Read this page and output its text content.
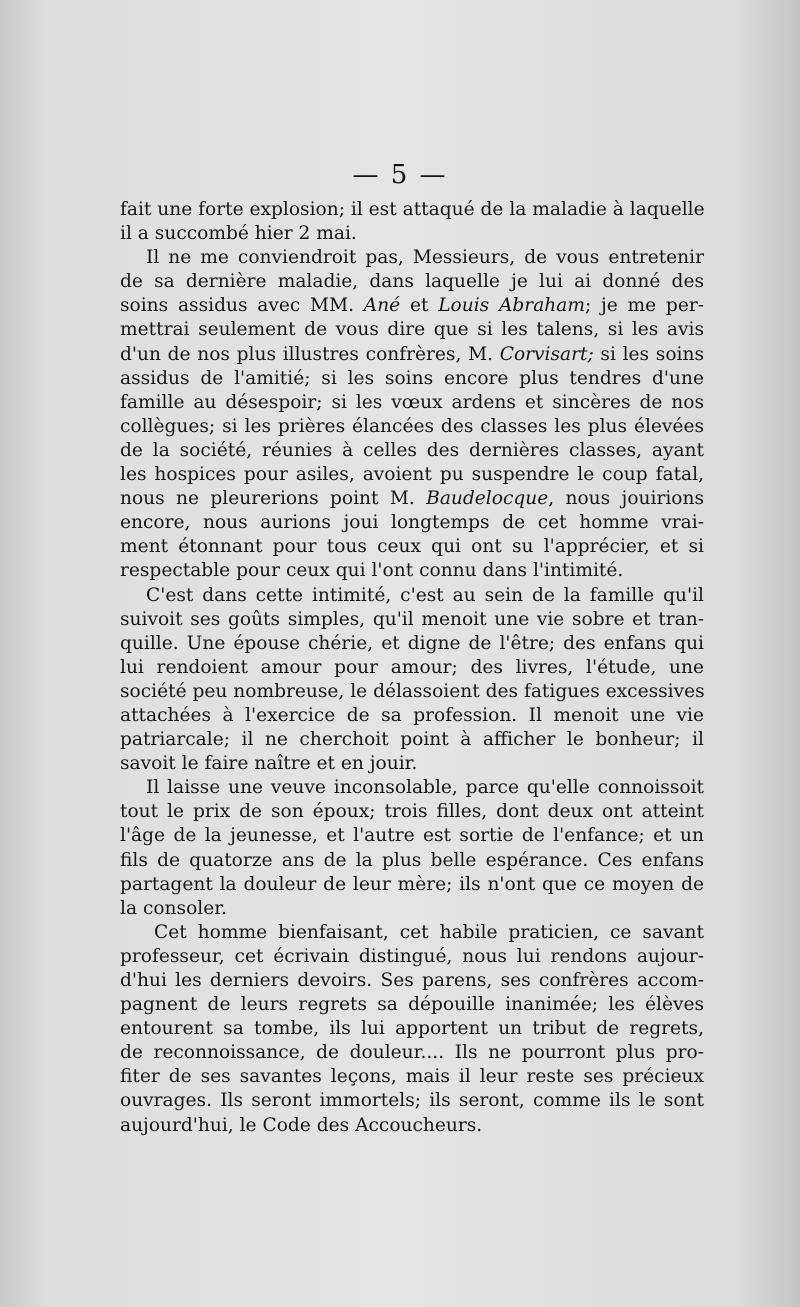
— 5 —

fait une forte explosion; il est attaqué de la maladie à laquelle
il a succombé hier 2 mai.

Il ne me conviendroit pas, Messieurs, de vous entretenir
de sa dernière maladie, dans laquelle je lui ai donné des
soins assidus avec MM. Ané et Louis Abraham; je me per-
mettrai seulement de vous dire que si les talens, si les avis
d'un de nos plus illustres confrères, M. Corvisart; si les soins
assidus de l'amitié; si les soins encore plus tendres d'une
famille au désespoir; si les vœux ardens et sincères de nos
collègues; si les prières élancées des classes les plus élevées
de la société, réunies à celles des dernières classes, ayant
les hospices pour asiles, avoient pu suspendre le coup fatal,
nous ne pleurerions point M. Baudelocque, nous jouirions
encore, nous aurions joui longtemps de cet homme vrai-
ment étonnant pour tous ceux qui ont su l'apprécier, et si
respectable pour ceux qui l'ont connu dans l'intimité.

C'est dans cette intimité, c'est au sein de la famille qu'il
suivoit ses goûts simples, qu'il menoit une vie sobre et tran-
quille. Une épouse chérie, et digne de l'être; des enfans qui
lui rendoient amour pour amour; des livres, l'étude, une
société peu nombreuse, le délassoient des fatigues excessives
attachées à l'exercice de sa profession. Il menoit une vie
patriarcale; il ne cherchoit point à afficher le bonheur; il
savoit le faire naître et en jouir.

Il laisse une veuve inconsolable, parce qu'elle connoissoit
tout le prix de son époux; trois filles, dont deux ont atteint
l'âge de la jeunesse, et l'autre est sortie de l'enfance; et un
fils de quatorze ans de la plus belle espérance. Ces enfans
partagent la douleur de leur mère; ils n'ont que ce moyen de
la consoler.

Cet homme bienfaisant, cet habile praticien, ce savant
professeur, cet écrivain distingué, nous lui rendons aujour-
d'hui les derniers devoirs. Ses parens, ses confrères accom-
pagnent de leurs regrets sa dépouille inanimée; les élèves
entourent sa tombe, ils lui apportent un tribut de regrets,
de reconnoissance, de douleur.... Ils ne pourront plus pro-
fiter de ses savantes leçons, mais il leur reste ses précieux
ouvrages. Ils seront immortels; ils seront, comme ils le sont
aujourd'hui, le Code des Accoucheurs.
